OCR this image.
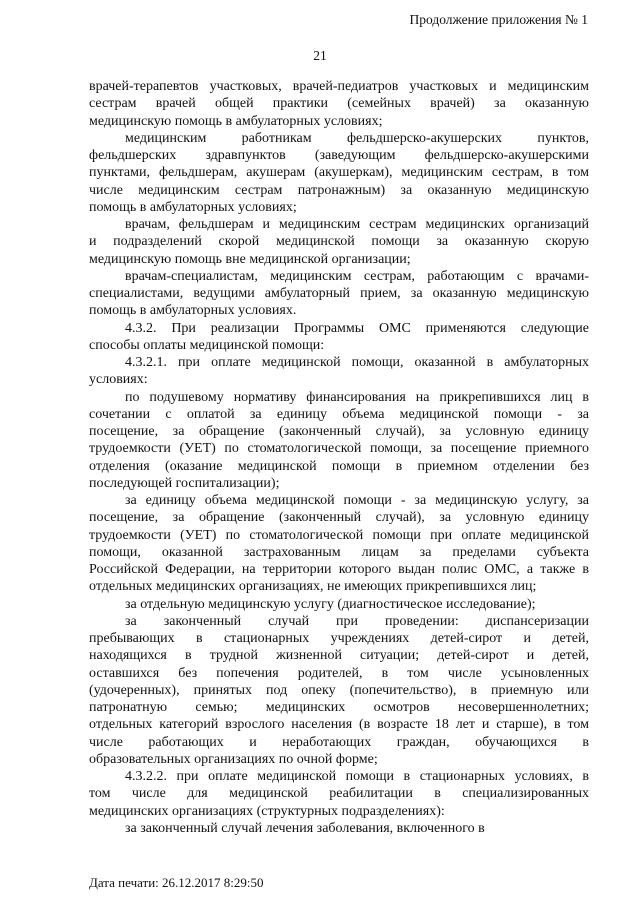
Продолжение приложения № 1
21

врачей-терапевтов участковых, врачей-педиатров участковых и медицинским
сестрам врачей общей практики (семейных врачей) за оказанную
медицинскую помощь в амбулаторных условиях;

медицинским работникам фельдшерско-акушерских пунктов,
фельдшерских здравпунктов (заведующим фельдшерско-акушерскими
пунктами, фельдшерам, акушерам (акушеркам), медицинским сестрам, в том
числе медицинским сестрам патронажным) за оказанную медицинскую
помощь в амбулаторных условиях;

врачам, фельдшерам и медицинским сестрам медицинских организаций
и подразделений скорой медицинской помощи за оказанную скорую
медицинскую помощь вне медицинской организации;

врачам-специалистам, медицинским сестрам, работающим с врачами-
специалистами, ведущими амбулаторный прием, за оказанную медицинскую
помощь в амбулаторных условиях.

4.3.2. При реализации Программы ОМС применяются следующие
способы оплаты медицинской помощи:

4.3.2.1. при оплате медицинской помощи, оказанной в амбулаторных
условиях:

по подушевому нормативу финансирования на прикрепившихся лиц в
сочетании с оплатой за единицу объема медицинской помощи - за
посещение, за обращение (законченный случай), за условную единицу
трудоемкости (УЕТ) по стоматологической помощи, за посещение приемного
отделения (оказание медицинской помощи в приемном отделении без
последующей госпитализации);

за единицу объема медицинской помощи - за медицинскую услугу, за
посещение, за обращение (законченный случай), за условную единицу
трудоемкости (УЕТ) по стоматологической помощи при оплате медицинской
помощи, оказанной застрахованным лицам за пределами субъекта
Российской Федерации, на территории которого выдан полис ОМС, а также в
отдельных медицинских организациях, не имеющих прикрепившихся лиц;

за отдельную медицинскую услугу (диагностическое исследование);

за законченный случай при проведении: диспансеризации
пребывающих в стационарных учреждениях детей-сирот и детей,
находящихся в трудной жизненной ситуации; детей-сирот и детей,
оставшихся без попечения родителей, в том числе усыновленных
(удочеренных), принятых под опеку (попечительство), в приемную или
патронатную семью; медицинских осмотров несовершеннолетних;
отдельных категорий взрослого населения (в возрасте 18 лет и старше), в том
числе работающих и неработающих граждан, обучающихся в
образовательных организациях по очной форме;

4.3.2.2. при оплате медицинской помощи в стационарных условиях, в
том числе для медицинской реабилитации в специализированных
медицинских организациях (структурных подразделениях):

за законченный случай лечения заболевания, включенного в

Дата печати: 26.12.2017 8:29:50
